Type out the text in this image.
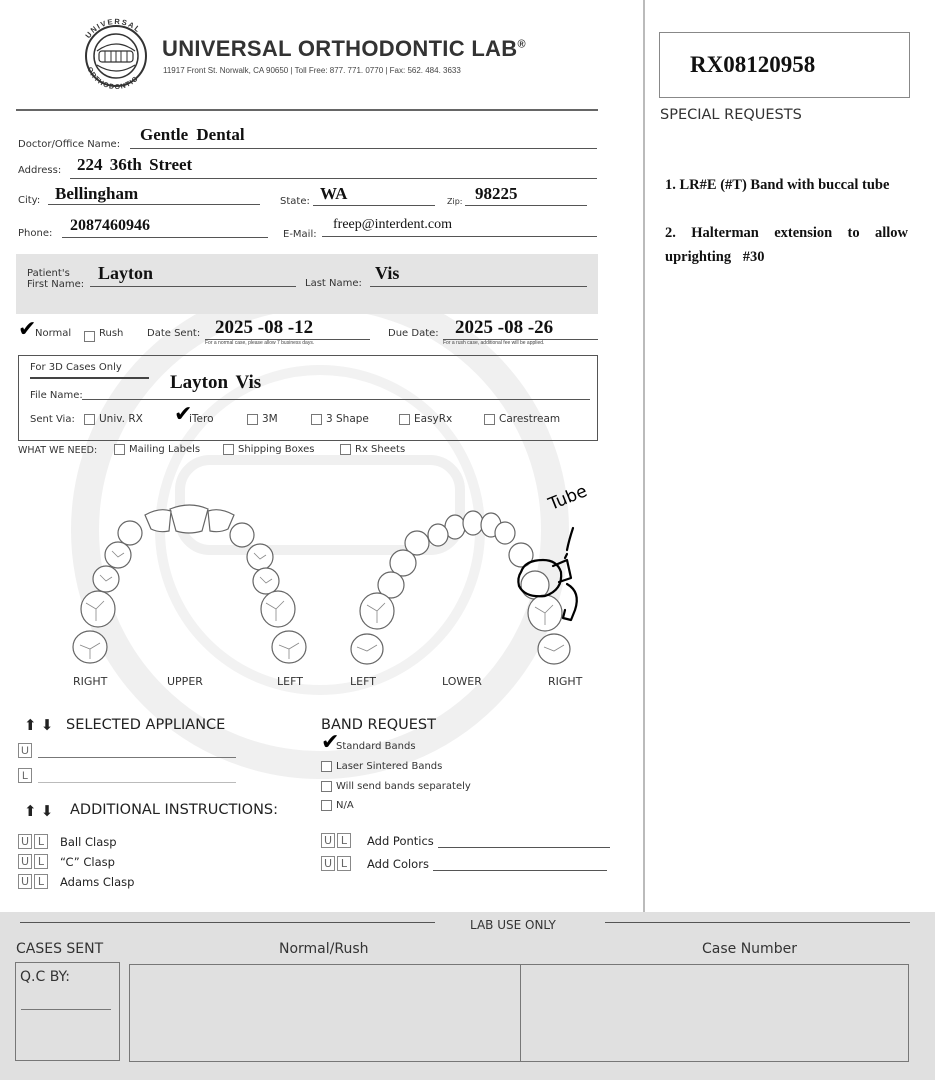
UNIVERSAL
ORTHODONTIC
UNIVERSAL ORTHODONTIC LAB®
11917 Front St. Norwalk, CA 90650 | Toll Free: 877. 771. 0770 | Fax: 562. 484. 3633	RX08120958
SPECIAL REQUESTS
1. LR#E (#T) Band with buccal tube
2. Halterman extension to allow uprighting #30
Doctor/Office Name:
Gentle Dental
Address: 224 36th Street
City: Bellingham	State: WA	Zip: 98225
Phone: 2087460946
E-Mail:
freep@interdent.com
Patient's
First Name:
Layton
Last Name:
Vis
✔
Normal	Rush Date Sent: 2025 -08 -12
For a normal case, please allow 7 business days.
Due Date: 2025 -08 -26
For a rush case, additional fee will be applied.
For 3D Cases Only
File Name:
Layton Vis
Sent Via: Univ. RX ✔
iTero	3M	3 Shape	EasyRx	Carestream
WHAT WE NEED:	Mailing Labels	Shipping Boxes	Rx Sheets
RIGHT	UPPER	LEFT
Tube
LEFT	LOWER	RIGHT
⬆ ⬇ SELECTED APPLIANCE
U
L
BAND REQUEST
✔
Standard Bands
Laser Sintered Bands
Will send bands separately
N/A
⬆ ⬇ ADDITIONAL INSTRUCTIONS:
U L	Ball Clasp
U L	“C” Clasp
U L	Adams Clasp
U L	Add Pontics
U L	Add Colors
LAB USE ONLY
CASES SENT	Normal/Rush	Case Number
Q.C BY:
